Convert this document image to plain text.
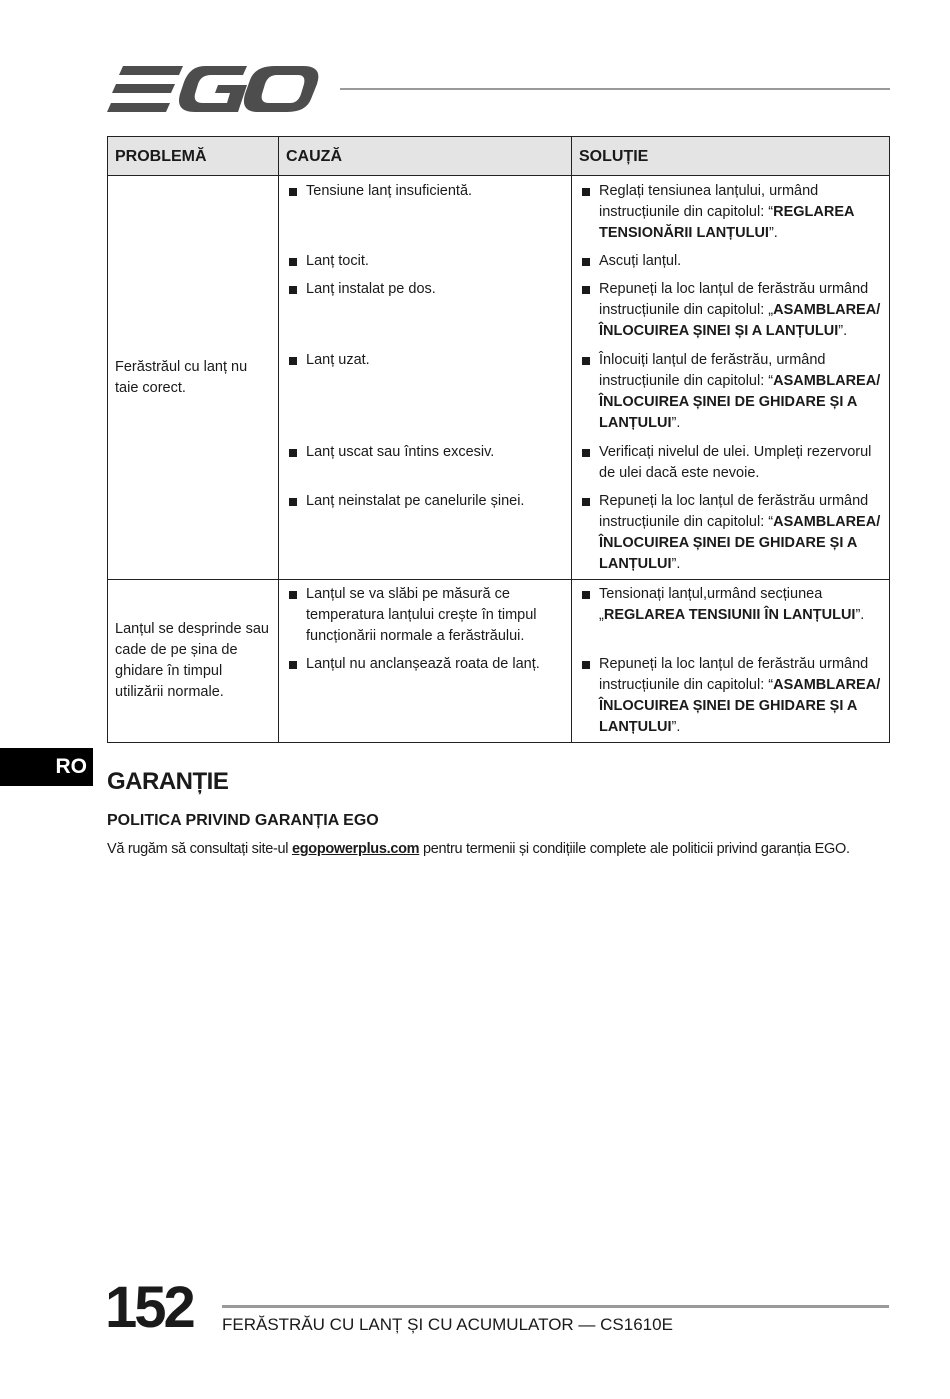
PROBLEMĂ	CAUZĂ	SOLUȚIE
Ferăstrăul cu lanț nu taie corect.	Tensiune lanț insuficientă.	Reglați tensiunea lanțului, urmând instrucțiunile din capitolul: “REGLAREA TENSIONĂRII LANȚULUI”.

	Lanț tocit.	Ascuți lanțul.

	Lanț instalat pe dos.	Repuneți la loc lanțul de ferăstrău urmând instrucțiunile din capitolul: „ASAMBLAREA/ ÎNLOCUIREA ȘINEI ȘI A LANȚULUI”.

	Lanț uzat.	Înlocuiți lanțul de ferăstrău, urmând instrucțiunile din capitolul: “ASAMBLAREA/ ÎNLOCUIREA ȘINEI DE GHIDARE ȘI A LANȚULUI”.

	Lanț uscat sau întins excesiv.	Verificați nivelul de ulei. Umpleți rezervorul de ulei dacă este nevoie.

	Lanț neinstalat pe canelurile șinei.	Repuneți la loc lanțul de ferăstrău urmând instrucțiunile din capitolul: “ASAMBLAREA/ ÎNLOCUIREA ȘINEI DE GHIDARE ȘI A LANȚULUI”.

Lanțul se desprinde sau cade de pe șina de ghidare în timpul utilizării normale.	Lanțul se va slăbi pe măsură ce temperatura lanțului crește în timpul funcționării normale a ferăstrăului.	Tensionați lanțul,urmând secțiunea „REGLAREA TENSIUNII ÎN LANȚULUI”.

	Lanțul nu anclanșează roata de lanț.	Repuneți la loc lanțul de ferăstrău urmând instrucțiunile din capitolul: “ASAMBLAREA/ ÎNLOCUIREA ȘINEI DE GHIDARE ȘI A LANȚULUI”.
RO
GARANȚIE
POLITICA PRIVIND GARANȚIA EGO
Vă rugăm să consultați site-ul egopowerplus.com pentru termenii și condițiile complete ale politicii privind garanția EGO.
152 FERĂSTRĂU CU LANȚ ȘI CU ACUMULATOR — CS1610E
